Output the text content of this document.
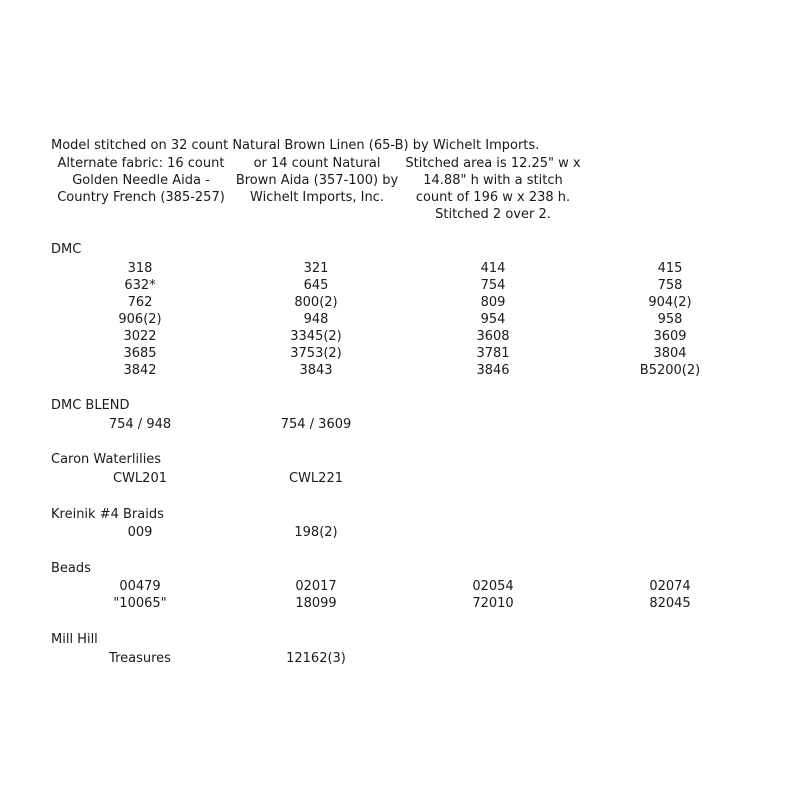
Model stitched on 32 count Natural Brown Linen (65-B) by Wichelt Imports.
Alternate fabric: 16 count Golden Needle Aida - Country French (385-257)
or 14 count Natural Brown Aida (357-100) by Wichelt Imports, Inc.
Stitched area is 12.25" w x 14.88" h with a stitch count of 196 w x 238 h. Stitched 2 over 2.
DMC
318	321	414	415
632*	645	754	758
762	800(2)	809	904(2)
906(2)	948	954	958
3022	3345(2)	3608	3609
3685	3753(2)	3781	3804
3842	3843	3846	B5200(2)
DMC BLEND
754 / 948	754 / 3609
Caron Waterlilies
CWL201	CWL221
Kreinik #4 Braids
009	198(2)
Beads
00479	02017	02054	02074
"10065"	18099	72010	82045
Mill Hill
Treasures	12162(3)
